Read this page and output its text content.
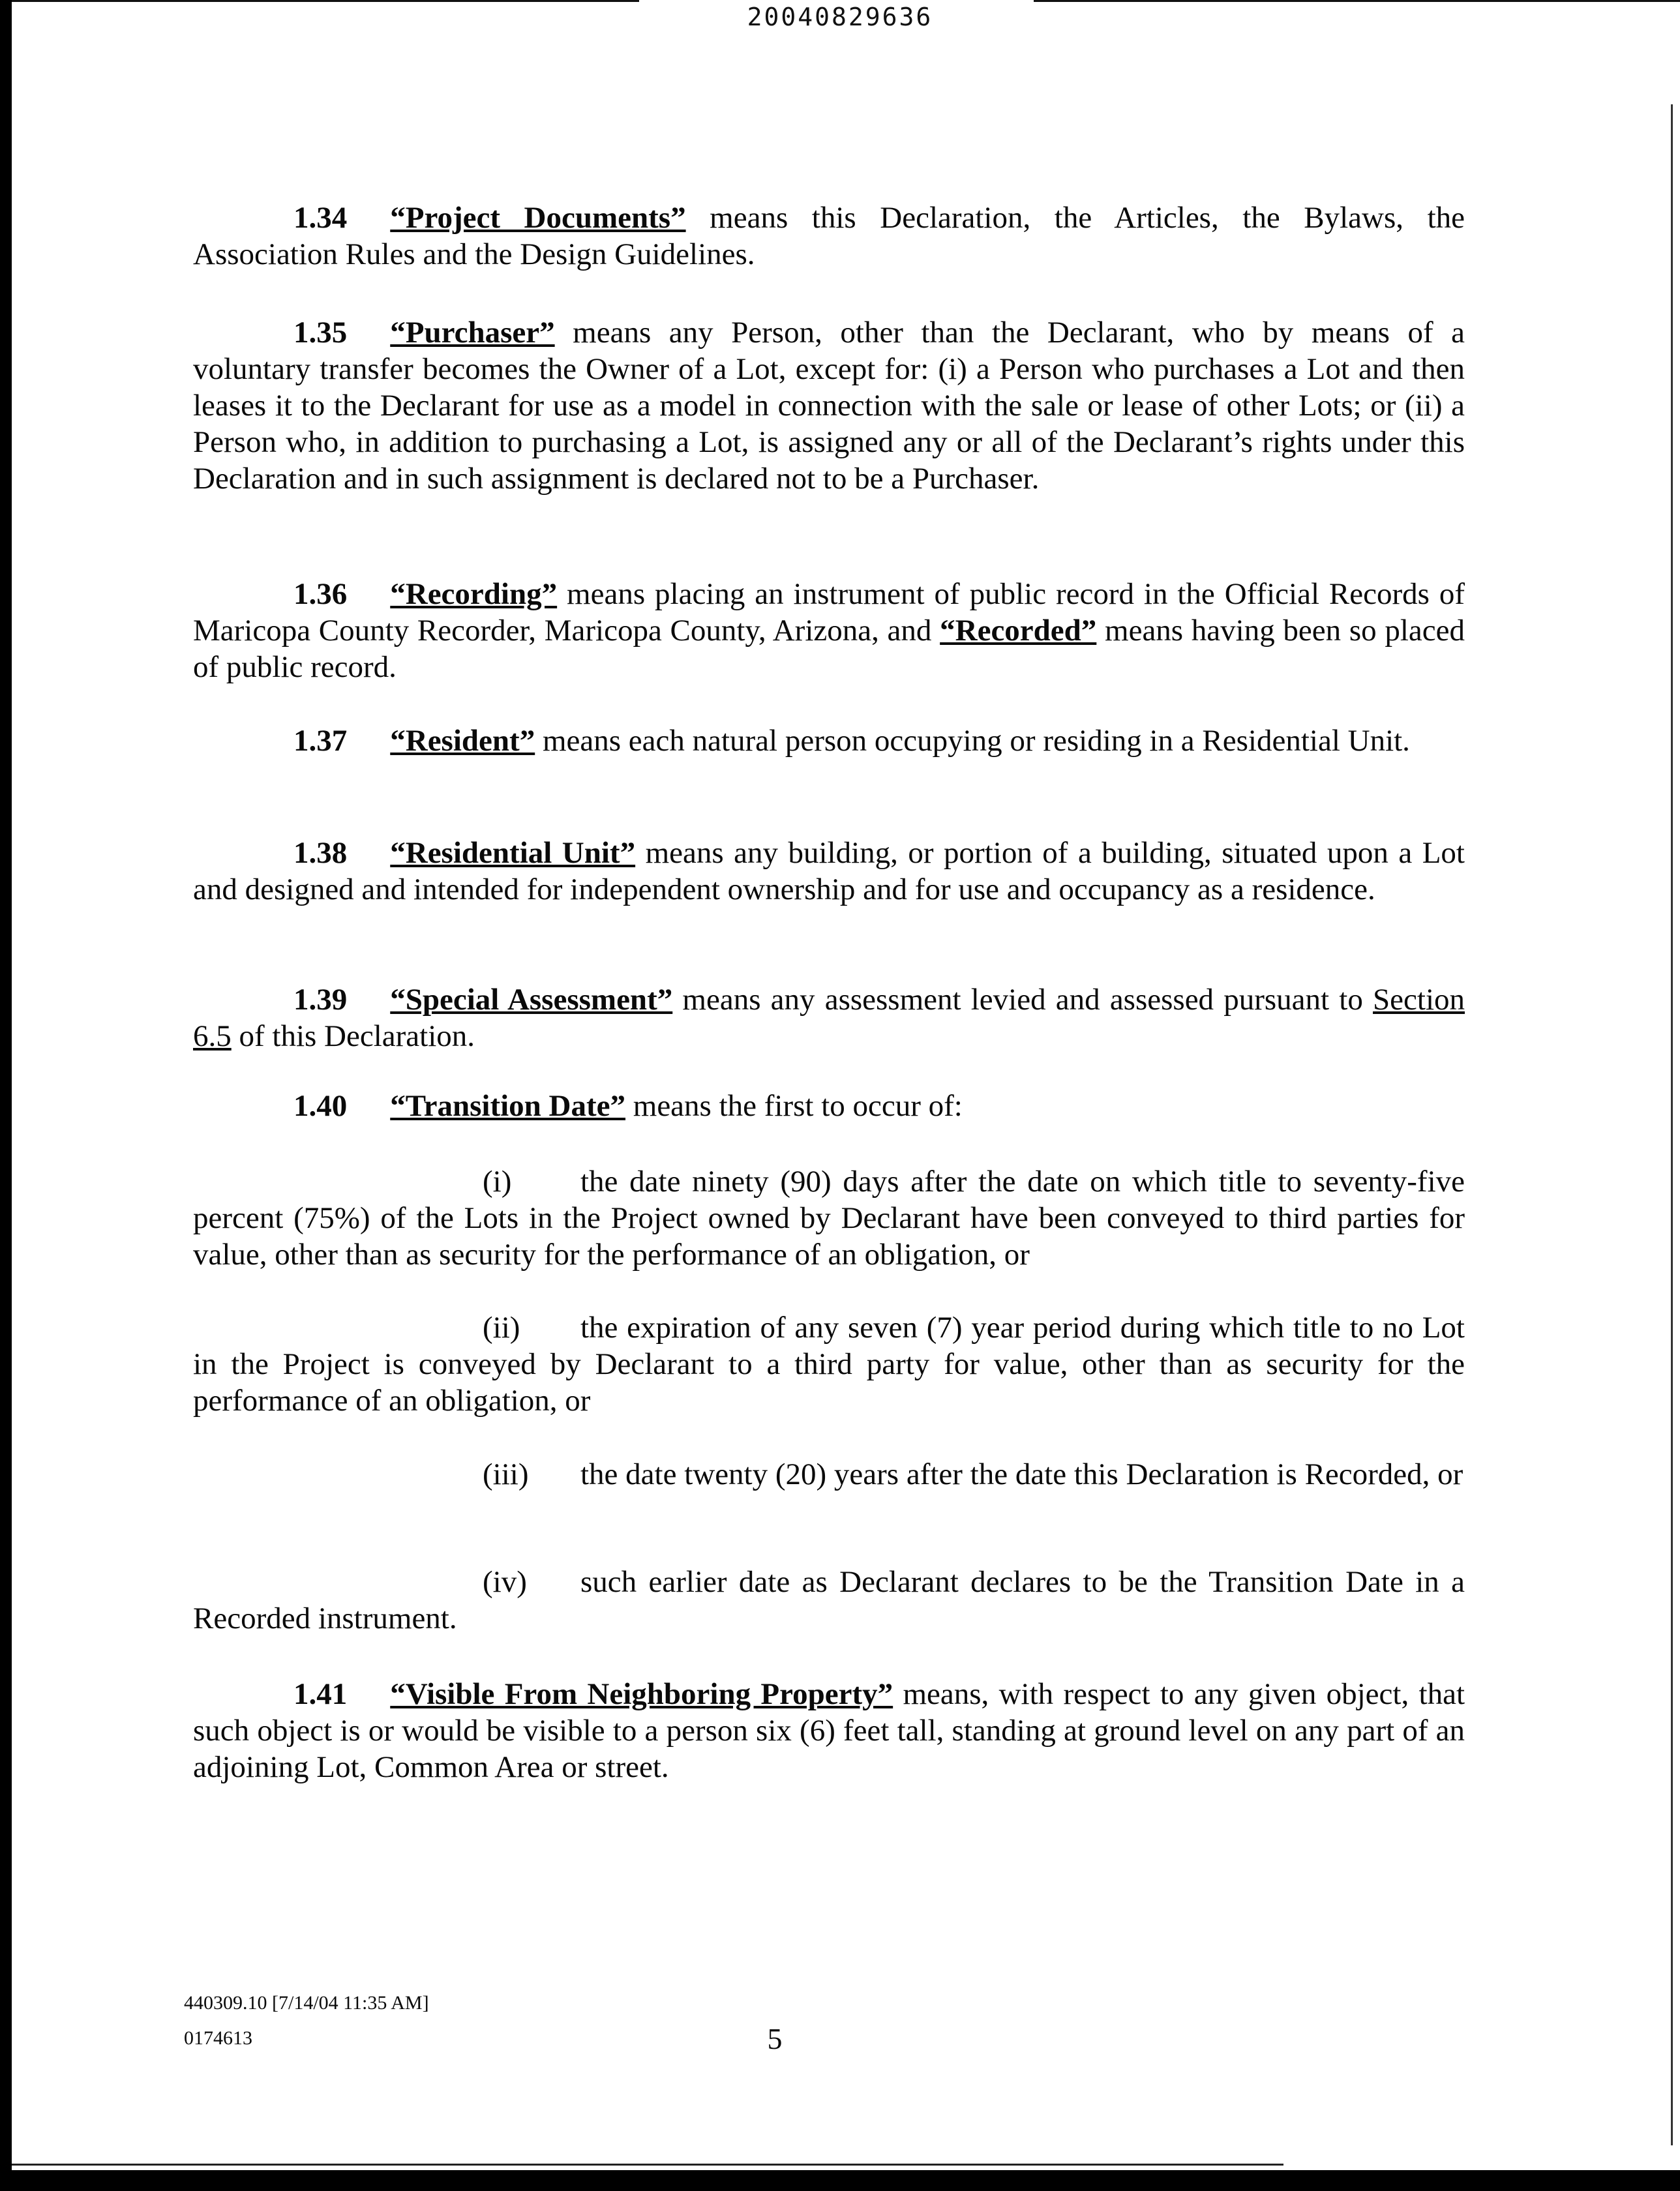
20040829636

1.34 “Project Documents” means this Declaration, the Articles, the Bylaws, the Association Rules and the Design Guidelines.

1.35 “Purchaser” means any Person, other than the Declarant, who by means of a voluntary transfer becomes the Owner of a Lot, except for: (i) a Person who purchases a Lot and then leases it to the Declarant for use as a model in connection with the sale or lease of other Lots; or (ii) a Person who, in addition to purchasing a Lot, is assigned any or all of the Declarant’s rights under this Declaration and in such assignment is declared not to be a Purchaser.

1.36 “Recording” means placing an instrument of public record in the Official Records of Maricopa County Recorder, Maricopa County, Arizona, and “Recorded” means having been so placed of public record.

1.37 “Resident” means each natural person occupying or residing in a Residential Unit.

1.38 “Residential Unit” means any building, or portion of a building, situated upon a Lot and designed and intended for independent ownership and for use and occupancy as a residence.

1.39 “Special Assessment” means any assessment levied and assessed pursuant to Section 6.5 of this Declaration.

1.40 “Transition Date” means the first to occur of:

(i) the date ninety (90) days after the date on which title to seventy-five percent (75%) of the Lots in the Project owned by Declarant have been conveyed to third parties for value, other than as security for the performance of an obligation, or

(ii) the expiration of any seven (7) year period during which title to no Lot in the Project is conveyed by Declarant to a third party for value, other than as security for the performance of an obligation, or

(iii) the date twenty (20) years after the date this Declaration is Recorded, or

(iv) such earlier date as Declarant declares to be the Transition Date in a Recorded instrument.

1.41 “Visible From Neighboring Property” means, with respect to any given object, that such object is or would be visible to a person six (6) feet tall, standing at ground level on any part of an adjoining Lot, Common Area or street.

440309.10 [7/14/04 11:35 AM]
0174613	5
